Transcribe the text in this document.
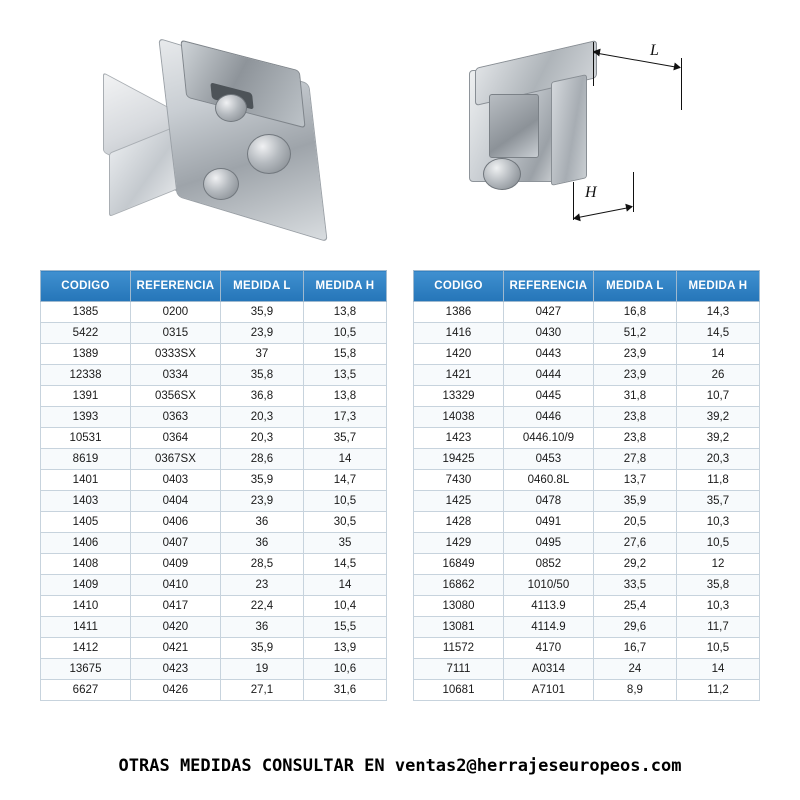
L
H
CODIGO	REFERENCIA	MEDIDA L	MEDIDA H
1385	0200	35,9	13,8
5422	0315	23,9	10,5
1389	0333SX	37	15,8
12338	0334	35,8	13,5
1391	0356SX	36,8	13,8
1393	0363	20,3	17,3
10531	0364	20,3	35,7
8619	0367SX	28,6	14
1401	0403	35,9	14,7
1403	0404	23,9	10,5
1405	0406	36	30,5
1406	0407	36	35
1408	0409	28,5	14,5
1409	0410	23	14
1410	0417	22,4	10,4
1411	0420	36	15,5
1412	0421	35,9	13,9
13675	0423	19	10,6
6627	0426	27,1	31,6
CODIGO	REFERENCIA	MEDIDA L	MEDIDA H
1386	0427	16,8	14,3
1416	0430	51,2	14,5
1420	0443	23,9	14
1421	0444	23,9	26
13329	0445	31,8	10,7
14038	0446	23,8	39,2
1423	0446.10/9	23,8	39,2
19425	0453	27,8	20,3
7430	0460.8L	13,7	11,8
1425	0478	35,9	35,7
1428	0491	20,5	10,3
1429	0495	27,6	10,5
16849	0852	29,2	12
16862	1010/50	33,5	35,8
13080	4113.9	25,4	10,3
13081	4114.9	29,6	11,7
11572	4170	16,7	10,5
7111	A0314	24	14
10681	A7101	8,9	11,2
OTRAS MEDIDAS CONSULTAR EN ventas2@herrajeseuropeos.com
